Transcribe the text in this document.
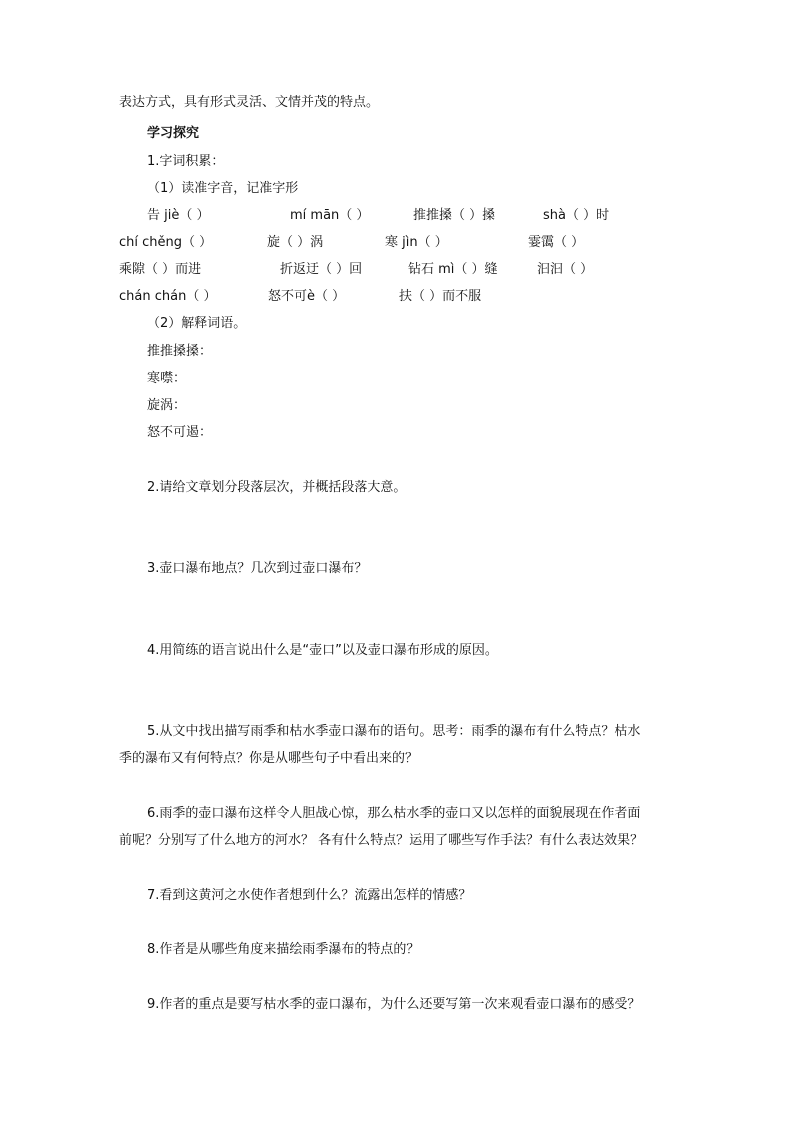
表达方式，具有形式灵活、文情并茂的特点。
学习探究
1.字词积累：
（1）读准字音，记准字形
告 jiè（ ）	mí mān（ ）	推推搡（ ）搡	shà（ ）时
chí chěng（ ）	旋（ ）涡	寒 jìn（ ）	霎霭（ ）
乘隙（ ）而进	折返迂（ ）回	钻石 mì（ ）缝	汩汩（ ）
chán chán（ ）	怒不可è（ ）	扶（ ）而不服
（2）解释词语。
推推搡搡：
寒噤：
旋涡：
怒不可遏：
2.请给文章划分段落层次，并概括段落大意。
3.壶口瀑布地点？几次到过壶口瀑布？
4.用简练的语言说出什么是“壶口”以及壶口瀑布形成的原因。
5.从文中找出描写雨季和枯水季壶口瀑布的语句。思考：雨季的瀑布有什么特点？枯水
季的瀑布又有何特点？你是从哪些句子中看出来的？
6.雨季的壶口瀑布这样令人胆战心惊，那么枯水季的壶口又以怎样的面貌展现在作者面
前呢？分别写了什么地方的河水？ 各有什么特点？运用了哪些写作手法？有什么表达效果？
7.看到这黄河之水使作者想到什么？流露出怎样的情感？
8.作者是从哪些角度来描绘雨季瀑布的特点的？
9.作者的重点是要写枯水季的壶口瀑布，为什么还要写第一次来观看壶口瀑布的感受？
